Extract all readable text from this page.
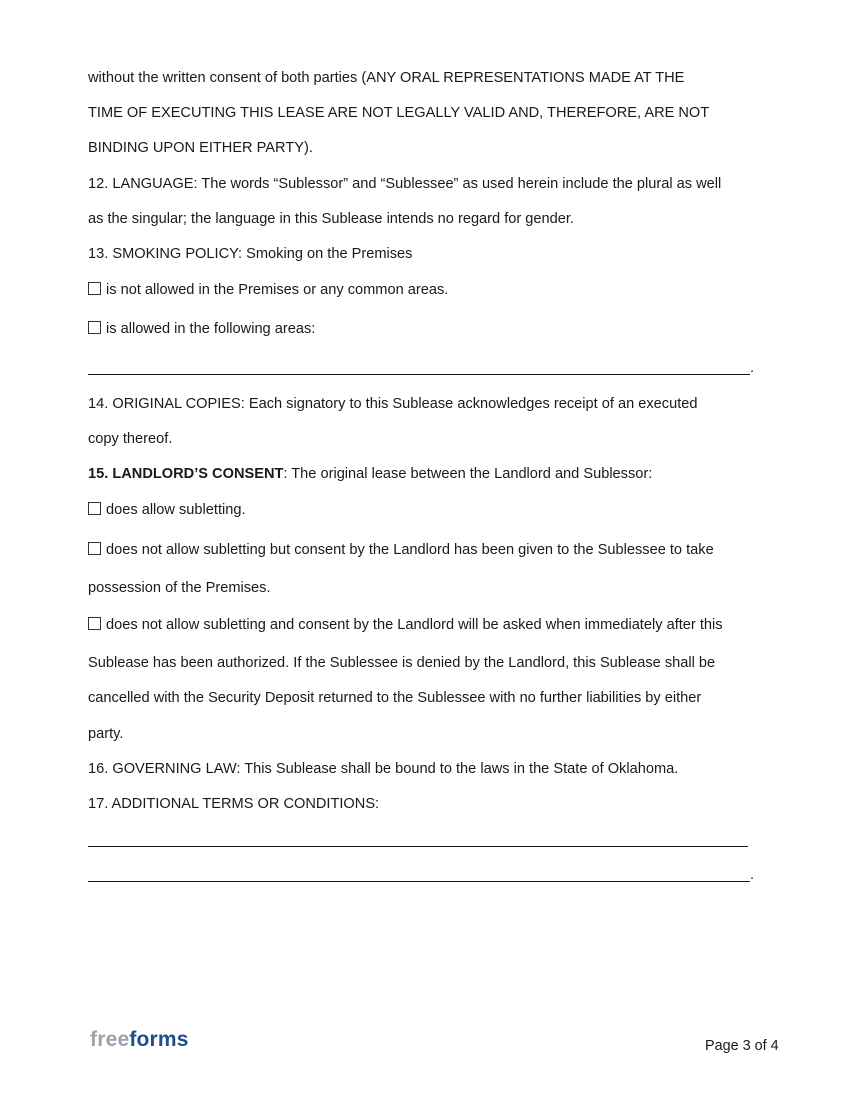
without the written consent of both parties (ANY ORAL REPRESENTATIONS MADE AT THE
TIME OF EXECUTING THIS LEASE ARE NOT LEGALLY VALID AND, THEREFORE, ARE NOT
BINDING UPON EITHER PARTY).
12. LANGUAGE: The words “Sublessor” and “Sublessee” as used herein include the plural as well
as the singular; the language in this Sublease intends no regard for gender.
13. SMOKING POLICY: Smoking on the Premises
is not allowed in the Premises or any common areas.
is allowed in the following areas:
.
14. ORIGINAL COPIES: Each signatory to this Sublease acknowledges receipt of an executed
copy thereof.
15. LANDLORD’S CONSENT: The original lease between the Landlord and Sublessor:
does allow subletting.
does not allow subletting but consent by the Landlord has been given to the Sublessee to take
possession of the Premises.
does not allow subletting and consent by the Landlord will be asked when immediately after this
Sublease has been authorized. If the Sublessee is denied by the Landlord, this Sublease shall be
cancelled with the Security Deposit returned to the Sublessee with no further liabilities by either
party.
16. GOVERNING LAW: This Sublease shall be bound to the laws in the State of Oklahoma.
17. ADDITIONAL TERMS OR CONDITIONS:
.
freeforms	Page 3 of 4
